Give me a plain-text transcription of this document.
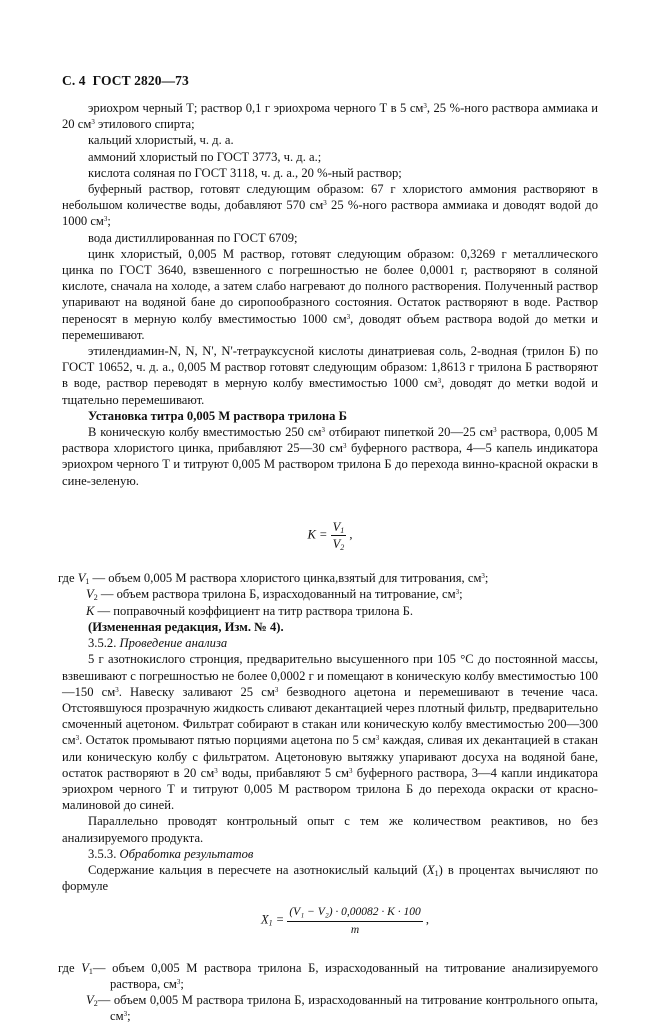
С. 4 ГОСТ 2820—73

эриохром черный Т; раствор 0,1 г эриохрома черного Т в 5 $см^3$, 25 %-ного раствора аммиака и 20 $см^3$ этилового спирта;

кальций хлористый, ч. д. а.

аммоний хлористый по ГОСТ 3773, ч. д. а.;

кислота соляная по ГОСТ 3118, ч. д. а., 20 %-ный раствор;

буферный раствор, готовят следующим образом: 67 г хлористого аммония растворяют в небольшом количестве воды, добавляют 570 $см^3$ 25 %-ного раствора аммиака и доводят водой до 1000 $см^3$;

вода дистиллированная по ГОСТ 6709;

цинк хлористый, 0,005 М раствор, готовят следующим образом: 0,3269 г металлического цинка по ГОСТ 3640, взвешенного с погрешностью не более 0,0001 г, растворяют в соляной кислоте, сначала на холоде, а затем слабо нагревают до полного растворения. Полученный раствор упаривают на водяной бане до сиропообразного состояния. Остаток растворяют в воде. Раствор переносят в мерную колбу вместимостью 1000 $см^3$, доводят объем раствора водой до метки и перемешивают.

этилендиамин-N, N, N', N'-тетрауксусной кислоты динатриевая соль, 2-водная (трилон Б) по ГОСТ 10652, ч. д. а., 0,005 М раствор готовят следующим образом: 1,8613 г трилона Б растворяют в воде, раствор переводят в мерную колбу вместимостью 1000 $см^3$, доводят до метки водой и тщательно перемешивают.

Установка титра 0,005 М раствора трилона Б

В коническую колбу вместимостью 250 $см^3$ отбирают пипеткой 20—25 $см^3$ раствора, 0,005 М раствора хлористого цинка, прибавляют 25—30 $см^3$ буферного раствора, 4—5 капель индикатора эриохром черного Т и титруют 0,005 М раствором трилона Б до перехода винно-красной окраски в сине-зеленую.

$K = \frac{V_1}{V_2}$ ,

где $V_1$ — объем 0,005 М раствора хлористого цинка,взятый для титрования, $см^3$;

$V_2$ — объем раствора трилона Б, израсходованный на титрование, $см^3$;

K — поправочный коэффициент на титр раствора трилона Б.

(Измененная редакция, Изм. № 4).

3.5.2. Проведение анализа

5 г азотнокислого стронция, предварительно высушенного при 105 °С до постоянной массы, взвешивают с погрешностью не более 0,0002 г и помещают в коническую колбу вместимостью 100—150 $см^3$. Навеску заливают 25 $см^3$ безводного ацетона и перемешивают в течение часа. Отстоявшуюся прозрачную жидкость сливают декантацией через плотный фильтр, предварительно смоченный ацетоном. Фильтрат собирают в стакан или коническую колбу вместимостью 200—300 $см^3$. Остаток промывают пятью порциями ацетона по 5 $см^3$ каждая, сливая их декантацией в стакан или коническую колбу с фильтратом. Ацетоновую вытяжку упаривают досуха на водяной бане, остаток растворяют в 20 $см^3$ воды, прибавляют 5 $см^3$ буферного раствора, 3—4 капли индикатора эриохром черного Т и титруют 0,005 М раствором трилона Б до перехода окраски от красно-малиновой до синей.

Параллельно проводят контрольный опыт с тем же количеством реактивов, но без анализируемого продукта.

3.5.3. Обработка результатов

Содержание кальция в пересчете на азотнокислый кальций $(X_1)$ в процентах вычисляют по формуле

$X_1 = \frac{\text{(V₁ − V₂) · 0,00082 · K · 100}}{m}$ ,

где $V_1—$ объем 0,005 М раствора трилона Б, израсходованный на титрование анализируемого раствора, $см^3$;

$V_2—$ объем 0,005 М раствора трилона Б, израсходованный на титрование контрольного опыта, $см^3$;
